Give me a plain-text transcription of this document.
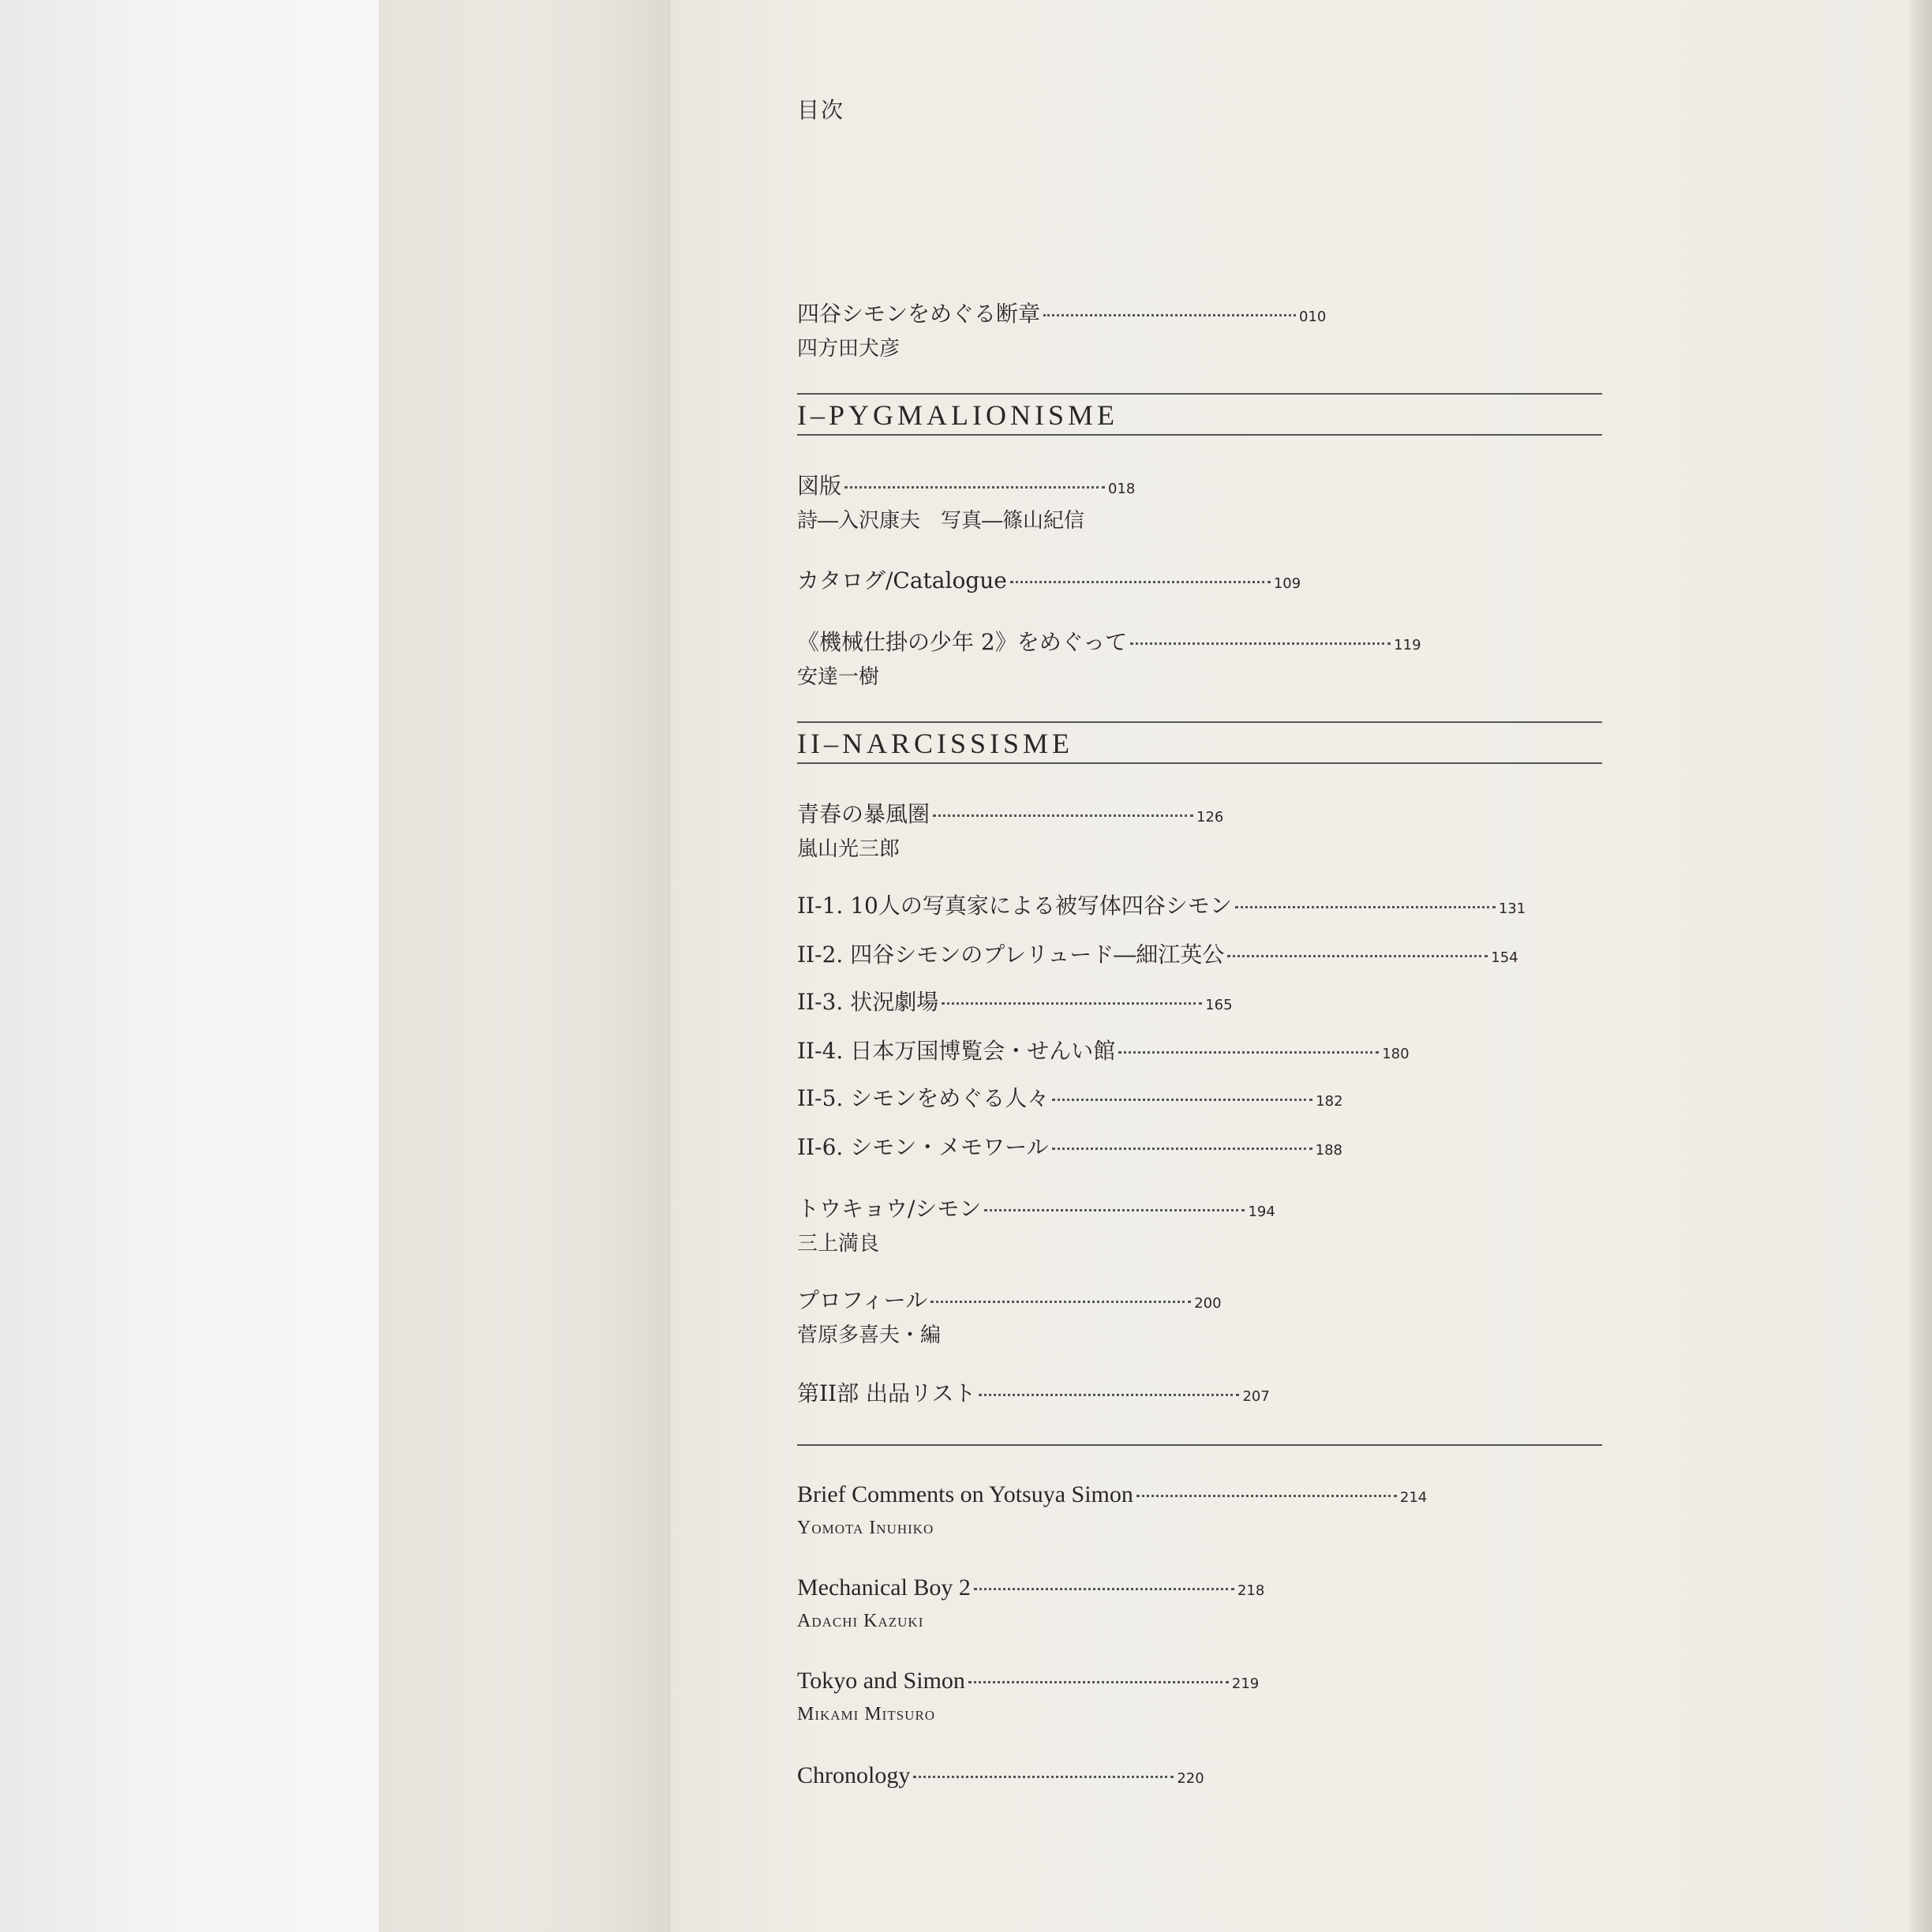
目次
四谷シモンをめぐる断章	010
四方田犬彦
I–PYGMALIONISME
図版	018
詩―入沢康夫　写真―篠山紀信
カタログ/Catalogue	109
《機械仕掛の少年 2》をめぐって	119
安達一樹
II–NARCISSISME
青春の暴風圏	126
嵐山光三郎
II-1. 10人の写真家による被写体四谷シモン	131
II-2. 四谷シモンのプレリュード―細江英公	154
II-3. 状況劇場	165
II-4. 日本万国博覧会・せんい館	180
II-5. シモンをめぐる人々	182
II-6. シモン・メモワール	188
トウキョウ/シモン	194
三上満良
プロフィール	200
菅原多喜夫・編
第II部 出品リスト	207
Brief Comments on Yotsuya Simon	214
Yomota Inuhiko
Mechanical Boy 2	218
Adachi Kazuki
Tokyo and Simon	219
Mikami Mitsuro
Chronology	220
